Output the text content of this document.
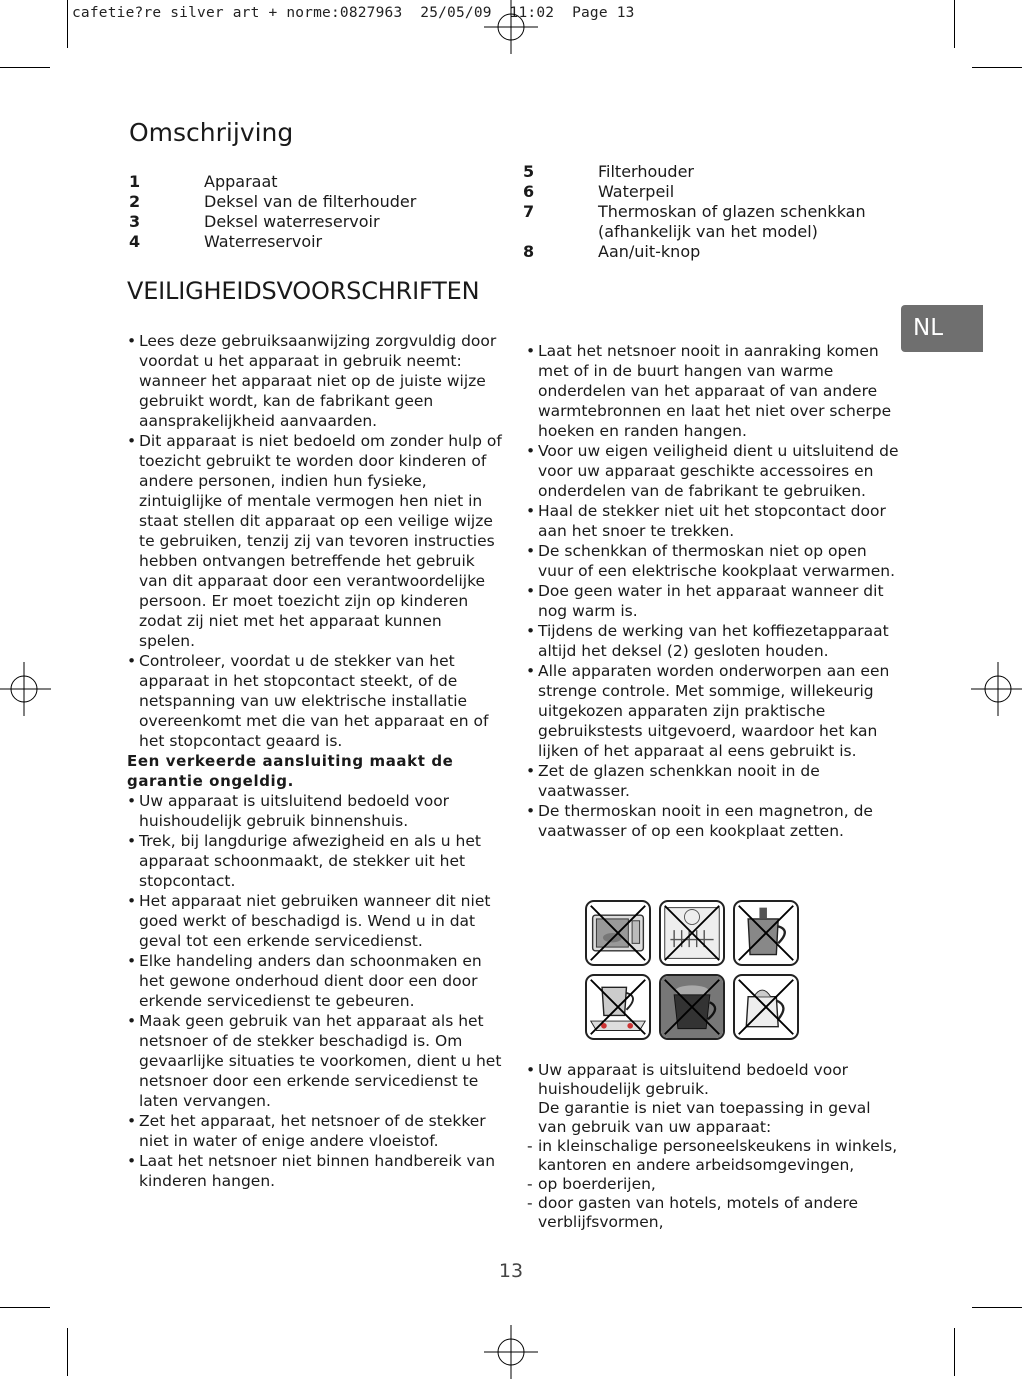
cafetie?re silver art + norme:0827963  25/05/09  11:02  Page 13
Omschrijving
1	Apparaat
2	Deksel van de filterhouder
3	Deksel waterreservoir
4	Waterreservoir
5	Filterhouder
6	Waterpeil
7	Thermoskan of glazen schenkkan
(afhankelijk van het model)
8	Aan/uit-knop
VEILIGHEIDSVOORSCHRIFTEN
NL
• Lees deze gebruiksaanwijzing zorgvuldig door voordat u het apparaat in gebruik neemt: wanneer het apparaat niet op de juiste wijze gebruikt wordt, kan de fabrikant geen aansprakelijkheid aanvaarden.
• Dit apparaat is niet bedoeld om zonder hulp of toezicht gebruikt te worden door kinderen of andere personen, indien hun fysieke, zintuiglijke of mentale vermogen hen niet in staat stellen dit apparaat op een veilige wijze te gebruiken, tenzij zij van tevoren instructies hebben ontvangen betreffende het gebruik van dit apparaat door een verantwoordelijke persoon. Er moet toezicht zijn op kinderen zodat zij niet met het apparaat kunnen spelen.
• Controleer, voordat u de stekker van het apparaat in het stopcontact steekt, of de netspanning van uw elektrische installatie overeenkomt met die van het apparaat en of het stopcontact geaard is.
Een verkeerde aansluiting maakt de garantie ongeldig.
• Uw apparaat is uitsluitend bedoeld voor huishoudelijk gebruik binnenshuis.
• Trek, bij langdurige afwezigheid en als u het apparaat schoonmaakt, de stekker uit het stopcontact.
• Het apparaat niet gebruiken wanneer dit niet goed werkt of beschadigd is. Wend u in dat geval tot een erkende servicedienst.
• Elke handeling anders dan schoonmaken en het gewone onderhoud dient door een door erkende servicedienst te gebeuren.
• Maak geen gebruik van het apparaat als het netsnoer of de stekker beschadigd is. Om gevaarlijke situaties te voorkomen, dient u het netsnoer door een erkende servicedienst te laten vervangen.
• Zet het apparaat, het netsnoer of de stekker niet in water of enige andere vloeistof.
• Laat het netsnoer niet binnen handbereik van kinderen hangen.
• Laat het netsnoer nooit in aanraking komen met of in de buurt hangen van warme onderdelen van het apparaat of van andere warmtebronnen en laat het niet over scherpe hoeken en randen hangen.
• Voor uw eigen veiligheid dient u uitsluitend de voor uw apparaat geschikte accessoires en onderdelen van de fabrikant te gebruiken.
• Haal de stekker niet uit het stopcontact door aan het snoer te trekken.
• De schenkkan of thermoskan niet op open vuur of een elektrische kookplaat verwarmen.
• Doe geen water in het apparaat wanneer dit nog warm is.
• Tijdens de werking van het koffiezetapparaat altijd het deksel (2) gesloten houden.
• Alle apparaten worden onderworpen aan een strenge controle. Met sommige, willekeurig uitgekozen apparaten zijn praktische gebruikstests uitgevoerd, waardoor het kan lijken of het apparaat al eens gebruikt is.
• Zet de glazen schenkkan nooit in de vaatwasser.
• De thermoskan nooit in een magnetron, de vaatwasser of op een kookplaat zetten.
• Uw apparaat is uitsluitend bedoeld voor huishoudelijk gebruik.
De garantie is niet van toepassing in geval van gebruik van uw apparaat:
- in kleinschalige personeelskeukens in winkels, kantoren en andere arbeidsomgevingen,
- op boerderijen,
- door gasten van hotels, motels of andere verblijfsvormen,
13
